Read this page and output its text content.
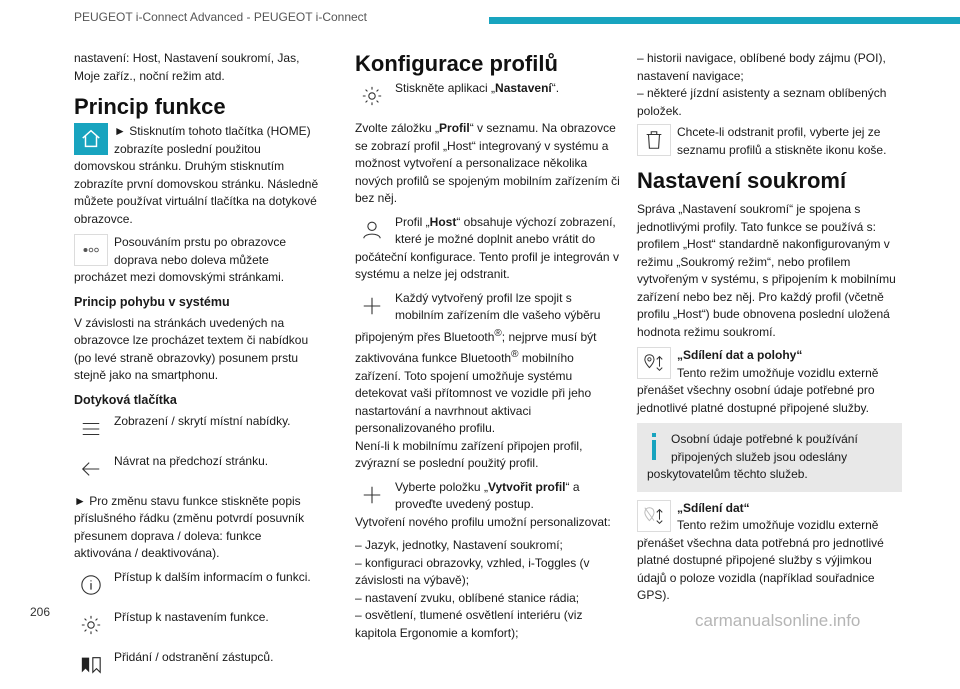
PEUGEOT i-Connect Advanced - PEUGEOT i-Connect

nastavení: Host, Nastavení soukromí, Jas, Moje zaříz., noční režim atd.

Princip funkce
► Stisknutím tohoto tlačítka (HOME) zobrazíte poslední použitou domovskou stránku. Druhým stisknutím zobrazíte první domovskou stránku. Následně můžete používat virtuální tlačítka na dotykové obrazovce.
Posouváním prstu po obrazovce doprava nebo doleva můžete procházet mezi domovskými stránkami.
Princip pohybu v systému

V závislosti na stránkách uvedených na obrazovce lze procházet textem či nabídkou (po levé straně obrazovky) posunem prstu stejně jako na smartphonu.

Dotyková tlačítka
Zobrazení / skrytí místní nabídky.
Návrat na předchozí stránku.

► Pro změnu stavu funkce stiskněte popis příslušného řádku (změnu potvrdí posuvník přesunem doprava / doleva: funkce aktivována / deaktivována).

Přístup k dalším informacím o funkci.
Přístup k nastavením funkce.
Přidání / odstranění zástupců.
Konfigurace profilů
Stiskněte aplikaci „Nastavení“.

Zvolte záložku „Profil“ v seznamu. Na obrazovce se zobrazí profil „Host“ integrovaný v systému a možnost vytvoření a personalizace několika nových profilů se spojeným mobilním zařízením či bez něj.

Profil „Host“ obsahuje výchozí zobrazení, které je možné doplnit anebo vrátit do počáteční konfigurace. Tento profil je integrován v systému a nelze jej odstranit.
Každý vytvořený profil lze spojit s mobilním zařízením dle vašeho výběru připojeným přes Bluetooth®; nejprve musí být zaktivována funkce Bluetooth® mobilního zařízení. Toto spojení umožňuje systému detekovat vaši přítomnost ve vozidle při jeho nastartování a navrhnout aktivaci personalizovaného profilu.
Není-li k mobilnímu zařízení připojen profil, zvýrazní se poslední použitý profil.
Vyberte položku „Vytvořit profil“ a proveďte uvedený postup.
Vytvoření nového profilu umožní personalizovat:

– Jazyk, jednotky, Nastavení soukromí;

– konfiguraci obrazovky, vzhled, i-Toggles (v závislosti na výbavě);

– nastavení zvuku, oblíbené stanice rádia;

– osvětlení, tlumené osvětlení interiéru (viz kapitola Ergonomie a komfort);

– historii navigace, oblíbené body zájmu (POI), nastavení navigace;

– některé jízdní asistenty a seznam oblíbených položek.

Chcete-li odstranit profil, vyberte jej ze seznamu profilů a stiskněte ikonu koše.
Nastavení soukromí

Správa „Nastavení soukromí“ je spojena s jednotlivými profily. Tato funkce se používá s: profilem „Host“ standardně nakonfigurovaným v režimu „Soukromý režim“, nebo profilem vytvořeným v systému, s připojením k mobilnímu zařízení nebo bez něj. Pro každý profil (včetně profilu „Host“) bude obnovena poslední uložená hodnota režimu soukromí.

„Sdílení dat a polohy“
Tento režim umožňuje vozidlu externě přenášet všechny osobní údaje potřebné pro jednotlivé platné dostupné připojené služby.
Osobní údaje potřebné k používání připojených služeb jsou odeslány poskytovatelům těchto služeb.
„Sdílení dat“
Tento režim umožňuje vozidlu externě přenášet všechna data potřebná pro jednotlivé platné dostupné připojené služby s výjimkou údajů o poloze vozidla (například souřadnice GPS).
206	carmanualsonline.info
